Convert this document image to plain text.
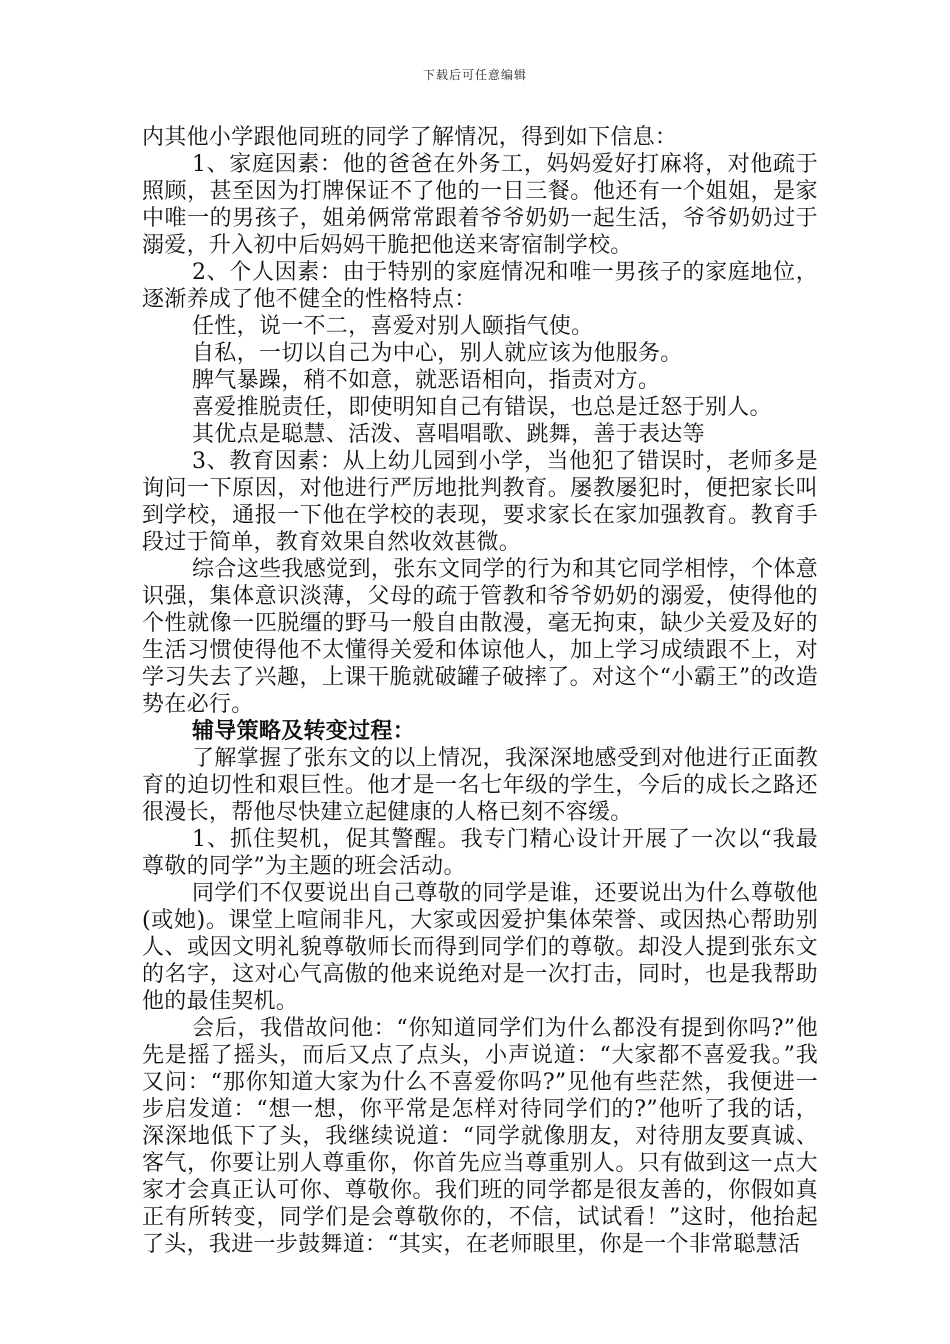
下载后可任意编辑

内其他小学跟他同班的同学了解情况，得到如下信息：

1、家庭因素：他的爸爸在外务工，妈妈爱好打麻将，对他疏于照顾，甚至因为打牌保证不了他的一日三餐。他还有一个姐姐，是家中唯一的男孩子，姐弟俩常常跟着爷爷奶奶一起生活，爷爷奶奶过于溺爱，升入初中后妈妈干脆把他送来寄宿制学校。

2、个人因素：由于特别的家庭情况和唯一男孩子的家庭地位，逐渐养成了他不健全的性格特点：

任性，说一不二，喜爱对别人颐指气使。

自私，一切以自己为中心，别人就应该为他服务。

脾气暴躁，稍不如意，就恶语相向，指责对方。

喜爱推脱责任，即使明知自己有错误，也总是迁怒于别人。

其优点是聪慧、活泼、喜唱唱歌、跳舞，善于表达等

3、教育因素：从上幼儿园到小学，当他犯了错误时，老师多是询问一下原因，对他进行严厉地批判教育。屡教屡犯时，便把家长叫到学校，通报一下他在学校的表现，要求家长在家加强教育。教育手段过于简单，教育效果自然收效甚微。

综合这些我感觉到，张东文同学的行为和其它同学相悖，个体意识强，集体意识淡薄，父母的疏于管教和爷爷奶奶的溺爱，使得他的个性就像一匹脱缰的野马一般自由散漫，毫无拘束，缺少关爱及好的生活习惯使得他不太懂得关爱和体谅他人，加上学习成绩跟不上，对学习失去了兴趣，上课干脆就破罐子破摔了。对这个“小霸王”的改造势在必行。

辅导策略及转变过程：

了解掌握了张东文的以上情况，我深深地感受到对他进行正面教育的迫切性和艰巨性。他才是一名七年级的学生，今后的成长之路还很漫长，帮他尽快建立起健康的人格已刻不容缓。

1、抓住契机，促其警醒。我专门精心设计开展了一次以“我最尊敬的同学”为主题的班会活动。

同学们不仅要说出自己尊敬的同学是谁，还要说出为什么尊敬他(或她)。课堂上喧闹非凡，大家或因爱护集体荣誉、或因热心帮助别人、或因文明礼貌尊敬师长而得到同学们的尊敬。却没人提到张东文的名字，这对心气高傲的他来说绝对是一次打击，同时，也是我帮助他的最佳契机。

会后，我借故问他：“你知道同学们为什么都没有提到你吗?”他先是摇了摇头，而后又点了点头，小声说道：“大家都不喜爱我。”我又问：“那你知道大家为什么不喜爱你吗?”见他有些茫然，我便进一步启发道：“想一想，你平常是怎样对待同学们的?”他听了我的话，深深地低下了头，我继续说道：“同学就像朋友，对待朋友要真诚、客气，你要让别人尊重你，你首先应当尊重别人。只有做到这一点大家才会真正认可你、尊敬你。我们班的同学都是很友善的，你假如真正有所转变，同学们是会尊敬你的，不信，试试看！”这时，他抬起了头，我进一步鼓舞道：“其实，在老师眼里，你是一个非常聪慧活
